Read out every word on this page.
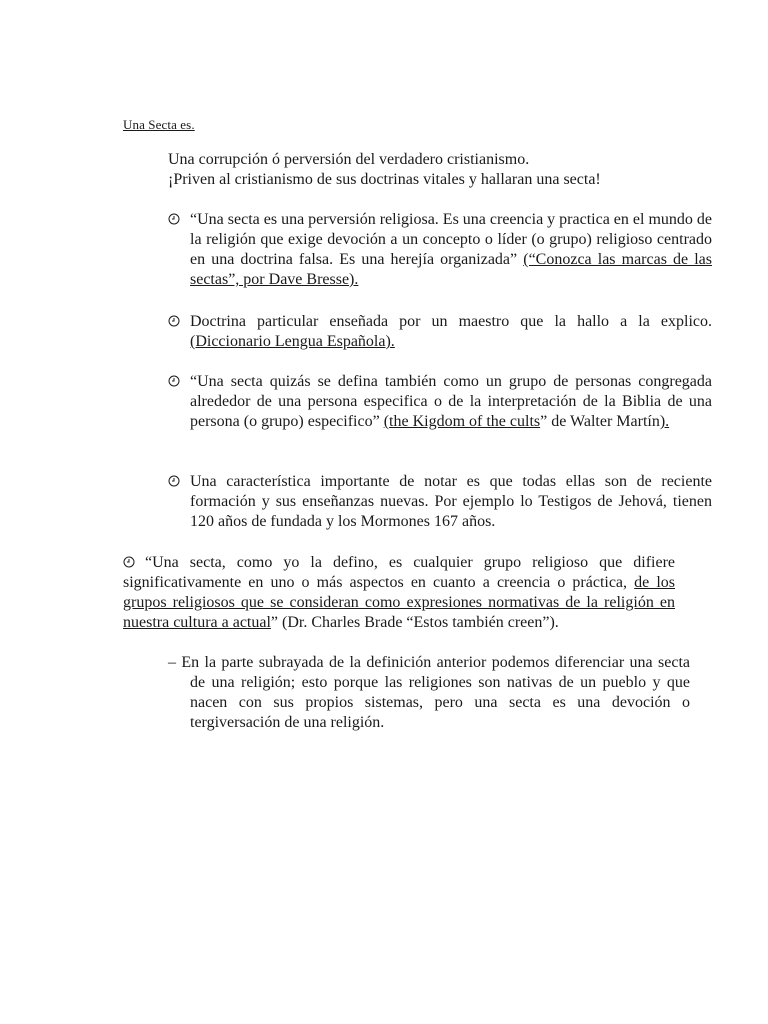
Una Secta es.
Una corrupción ó perversión del verdadero cristianismo.
¡Priven al cristianismo de sus doctrinas vitales y hallaran una secta!
“Una secta es una perversión religiosa. Es una creencia y practica en el mundo de la religión que exige devoción a un concepto o líder (o grupo) religioso centrado en una doctrina falsa. Es una herejía organizada” (“Conozca las marcas de las sectas”, por Dave Bresse).
Doctrina particular enseñada por un maestro que la hallo a la explico. (Diccionario Lengua Española).
“Una secta quizás se defina también como un grupo de personas congregada alrededor de una persona especifica o de la interpretación de la Biblia de una persona (o grupo) especifico” (the Kigdom of the cults” de Walter Martín).
Una característica importante de notar es que todas ellas son de reciente formación y sus enseñanzas nuevas. Por ejemplo lo Testigos de Jehová, tienen 120 años de fundada y los Mormones 167 años.
“Una secta, como yo la defino, es cualquier grupo religioso que difiere significativamente en uno o más aspectos en cuanto a creencia o práctica, de los grupos religiosos que se consideran como expresiones normativas de la religión en nuestra cultura a actual” (Dr. Charles Brade “Estos también creen”).
– En la parte subrayada de la definición anterior podemos diferenciar una secta de una religión; esto porque las religiones son nativas de un pueblo y que nacen con sus propios sistemas, pero una secta es una devoción o tergiversación de una religión.
